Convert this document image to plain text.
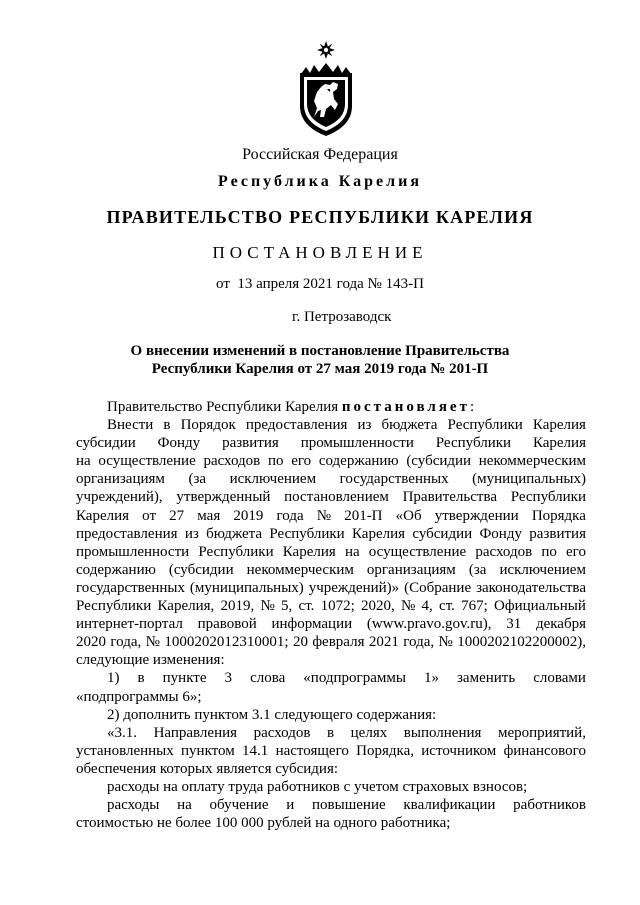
Российская Федерация
Республика Карелия
ПРАВИТЕЛЬСТВО РЕСПУБЛИКИ КАРЕЛИЯ
ПОСТАНОВЛЕНИЕ
от  13 апреля 2021 года № 143-П
г. Петрозаводск
О внесении изменений в постановление Правительства
Республики Карелия от 27 мая 2019 года № 201-П
Правительство Республики Карелия
постановляет :
Внести в Порядок предоставления из бюджета Республики Карелия
субсидии Фонду развития промышленности Республики Карелия
на осуществление расходов по его содержанию (субсидии некоммерческим
организациям (за исключением государственных (муниципальных)
учреждений), утвержденный постановлением Правительства Республики
Карелия от 27 мая 2019 года № 201-П «Об утверждении Порядка
предоставления из бюджета Республики Карелия субсидии Фонду развития
промышленности Республики Карелия на осуществление расходов по его
содержанию (субсидии некоммерческим организациям (за исключением
государственных (муниципальных) учреждений)» (Собрание законодательства
Республики Карелия, 2019, № 5, ст. 1072; 2020, № 4, ст. 767; Официальный
интернет-портал правовой информации (www.pravo.gov.ru), 31 декабря
2020 года, № 1000202012310001; 20 февраля 2021 года, № 1000202102200002),
следующие изменения:
1) в пункте 3 слова «подпрограммы 1» заменить словами
«подпрограммы 6»;
2) дополнить пунктом 3.1 следующего содержания:
«3.1. Направления расходов в целях выполнения мероприятий,
установленных пунктом 14.1 настоящего Порядка, источником финансового
обеспечения которых является субсидия:
расходы на оплату труда работников с учетом страховых взносов;
расходы на обучение и повышение квалификации работников
стоимостью не более 100 000 рублей на одного работника;
